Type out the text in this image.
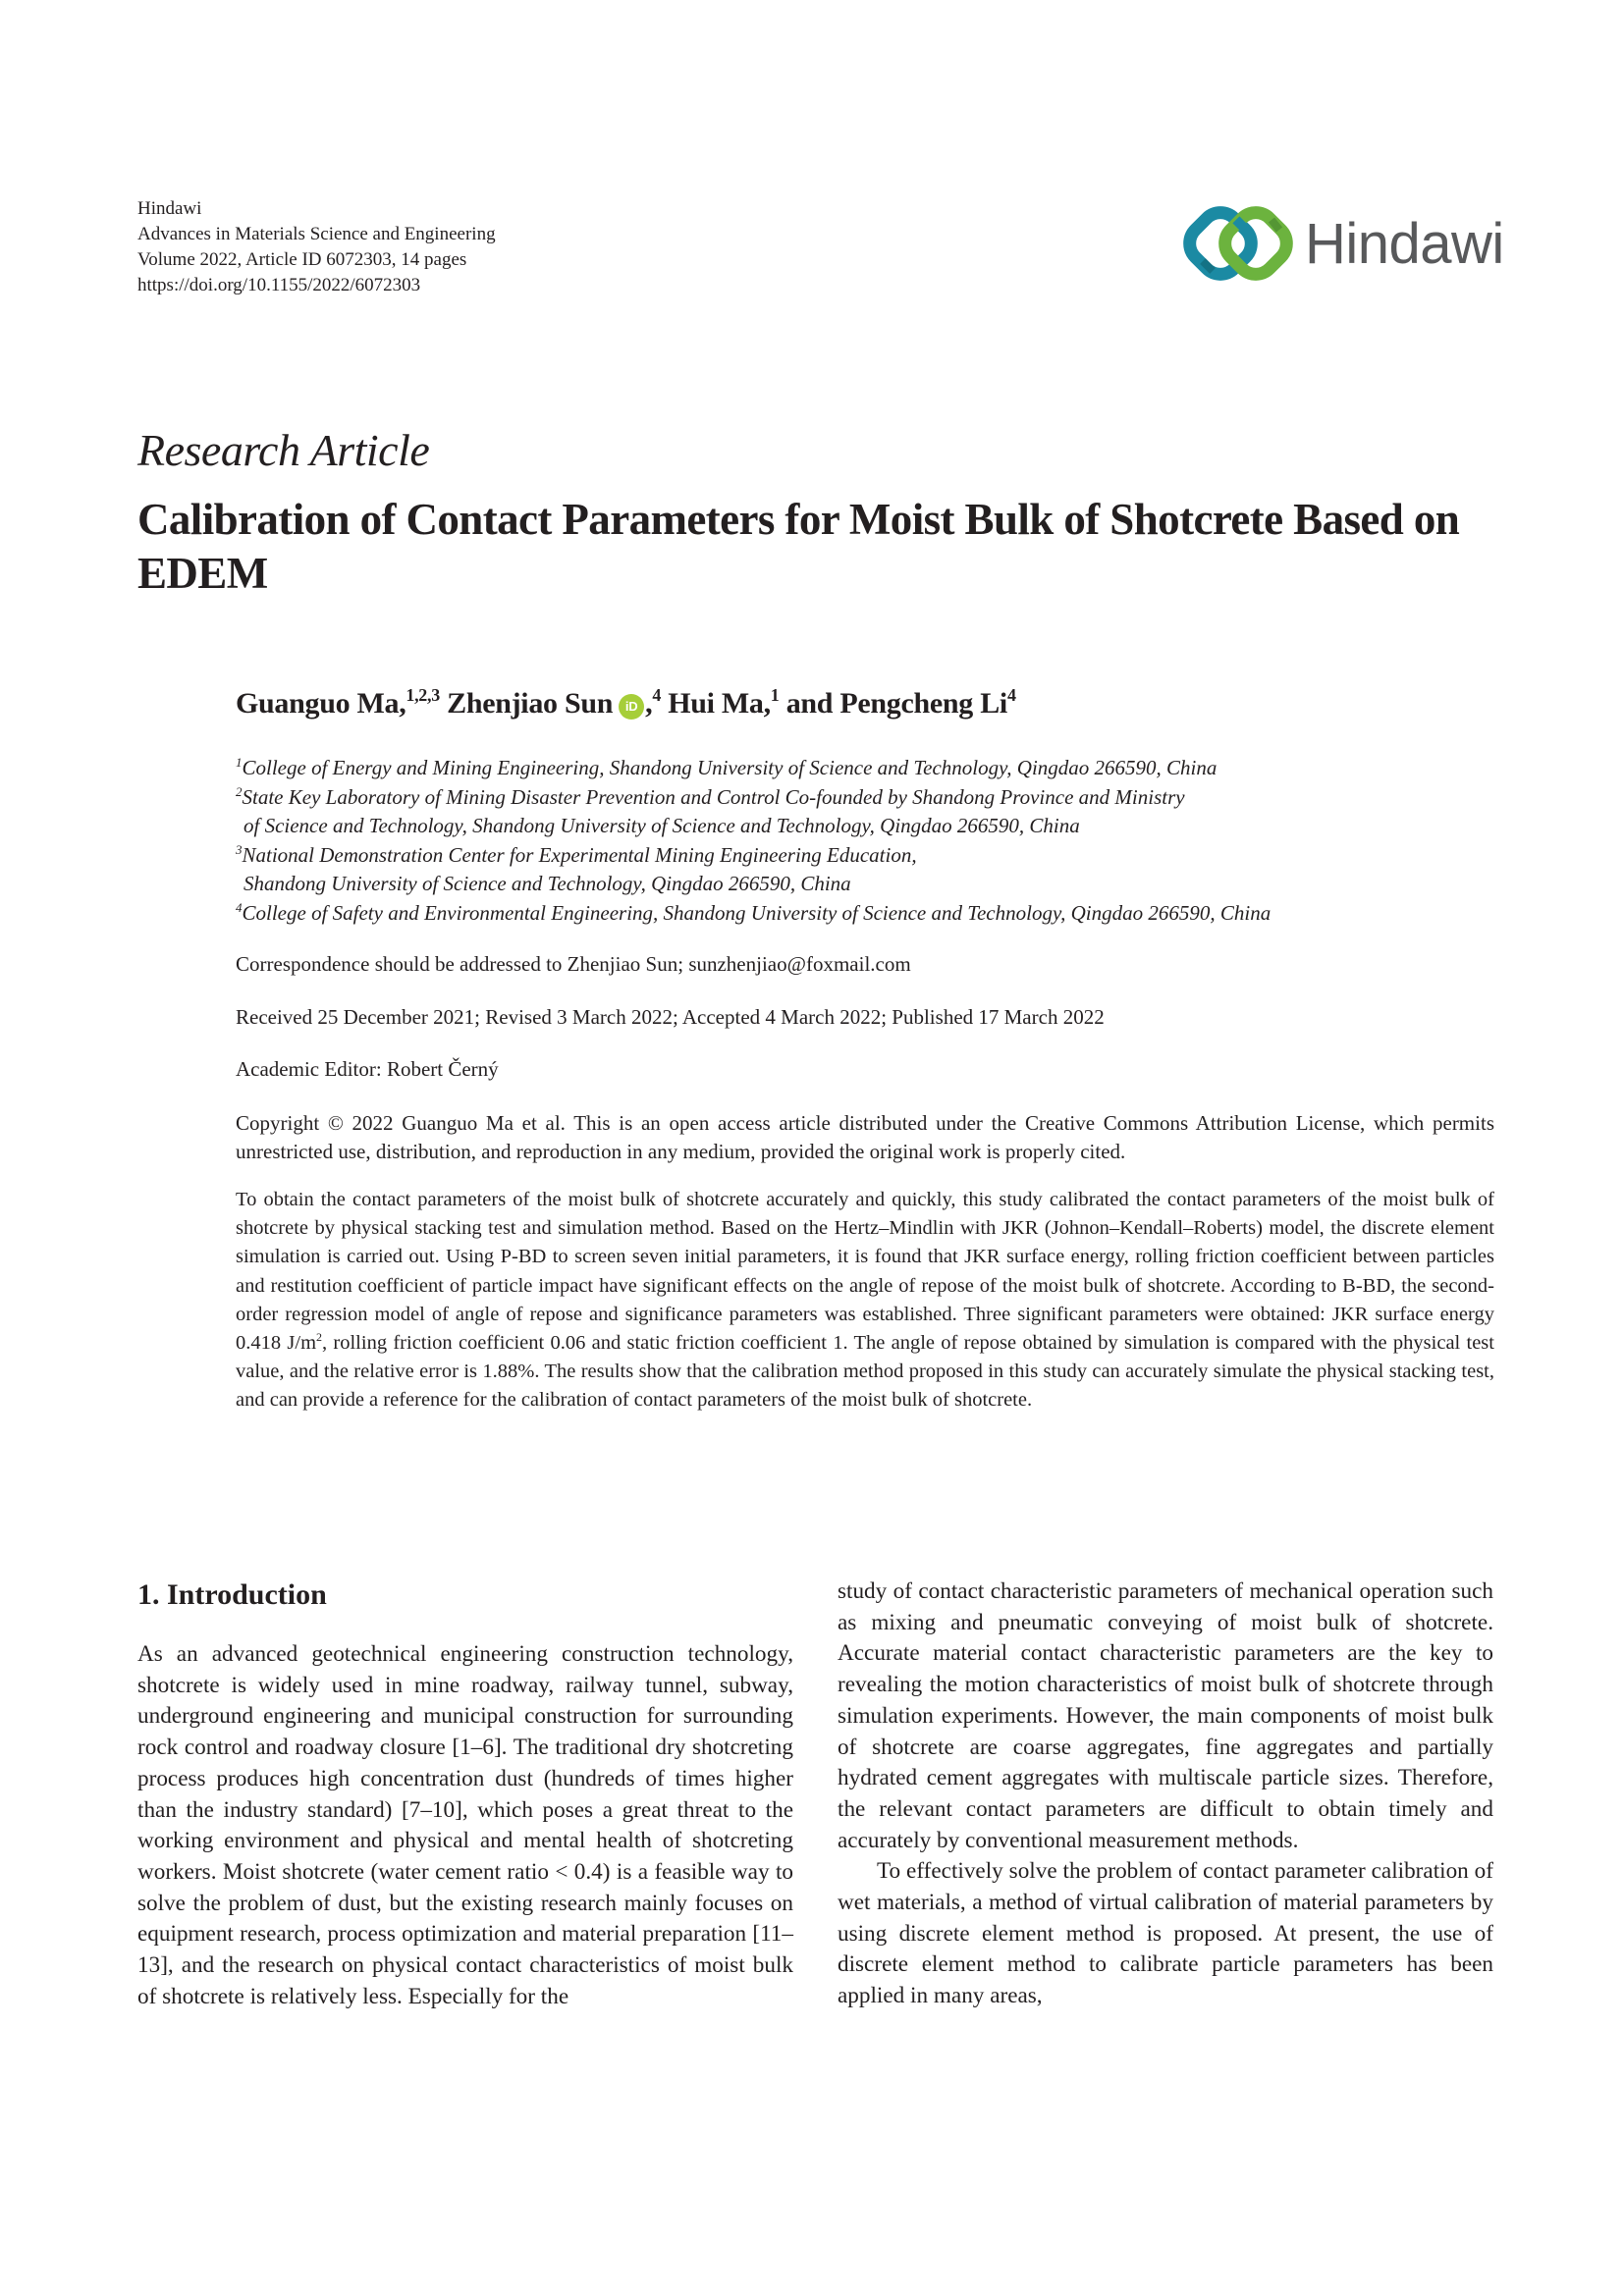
Hindawi
Advances in Materials Science and Engineering
Volume 2022, Article ID 6072303, 14 pages
https://doi.org/10.1155/2022/6072303
Hindawi
Research Article
Calibration of Contact Parameters for Moist Bulk of Shotcrete Based on EDEM
Guanguo Ma,$^{1,2,3}$ Zhenjiao Sun iD ,$^4$ Hui Ma,$^1$ and Pengcheng Li$^4$
$^1$College of Energy and Mining Engineering, Shandong University of Science and Technology, Qingdao 266590, China
$^2$State Key Laboratory of Mining Disaster Prevention and Control Co-founded by Shandong Province and Ministry
of Science and Technology, Shandong University of Science and Technology, Qingdao 266590, China
$^3$National Demonstration Center for Experimental Mining Engineering Education,
Shandong University of Science and Technology, Qingdao 266590, China
$^4$College of Safety and Environmental Engineering, Shandong University of Science and Technology, Qingdao 266590, China
Correspondence should be addressed to Zhenjiao Sun; sunzhenjiao@foxmail.com
Received 25 December 2021; Revised 3 March 2022; Accepted 4 March 2022; Published 17 March 2022
Academic Editor: Robert Černý
Copyright © 2022 Guanguo Ma et al. This is an open access article distributed under the Creative Commons Attribution License, which permits unrestricted use, distribution, and reproduction in any medium, provided the original work is properly cited.
To obtain the contact parameters of the moist bulk of shotcrete accurately and quickly, this study calibrated the contact parameters of the moist bulk of shotcrete by physical stacking test and simulation method. Based on the Hertz–Mindlin with JKR (Johnon–Kendall–Roberts) model, the discrete element simulation is carried out. Using P-BD to screen seven initial parameters, it is found that JKR surface energy, rolling friction coefficient between particles and restitution coefficient of particle impact have significant effects on the angle of repose of the moist bulk of shotcrete. According to B-BD, the second-order regression model of angle of repose and significance parameters was established. Three significant parameters were obtained: JKR surface energy 0.418 $J/m^2$, rolling friction coefficient 0.06 and static friction coefficient 1. The angle of repose obtained by simulation is compared with the physical test value, and the relative error is 1.88%. The results show that the calibration method proposed in this study can accurately simulate the physical stacking test, and can provide a reference for the calibration of contact parameters of the moist bulk of shotcrete.
1. Introduction

As an advanced geotechnical engineering construction technology, shotcrete is widely used in mine roadway, railway tunnel, subway, underground engineering and municipal construction for surrounding rock control and roadway closure [1–6]. The traditional dry shotcreting process produces high concentration dust (hundreds of times higher than the industry standard) [7–10], which poses a great threat to the working environment and physical and mental health of shotcreting workers. Moist shotcrete (water cement ratio < 0.4) is a feasible way to solve the problem of dust, but the existing research mainly focuses on equipment research, process optimization and material preparation [11–13], and the research on physical contact characteristics of moist bulk of shotcrete is relatively less. Especially for the

study of contact characteristic parameters of mechanical operation such as mixing and pneumatic conveying of moist bulk of shotcrete. Accurate material contact characteristic parameters are the key to revealing the motion characteristics of moist bulk of shotcrete through simulation experiments. However, the main components of moist bulk of shotcrete are coarse aggregates, fine aggregates and partially hydrated cement aggregates with multiscale particle sizes. Therefore, the relevant contact parameters are difficult to obtain timely and accurately by conventional measurement methods.

To effectively solve the problem of contact parameter calibration of wet materials, a method of virtual calibration of material parameters by using discrete element method is proposed. At present, the use of discrete element method to calibrate particle parameters has been applied in many areas,
